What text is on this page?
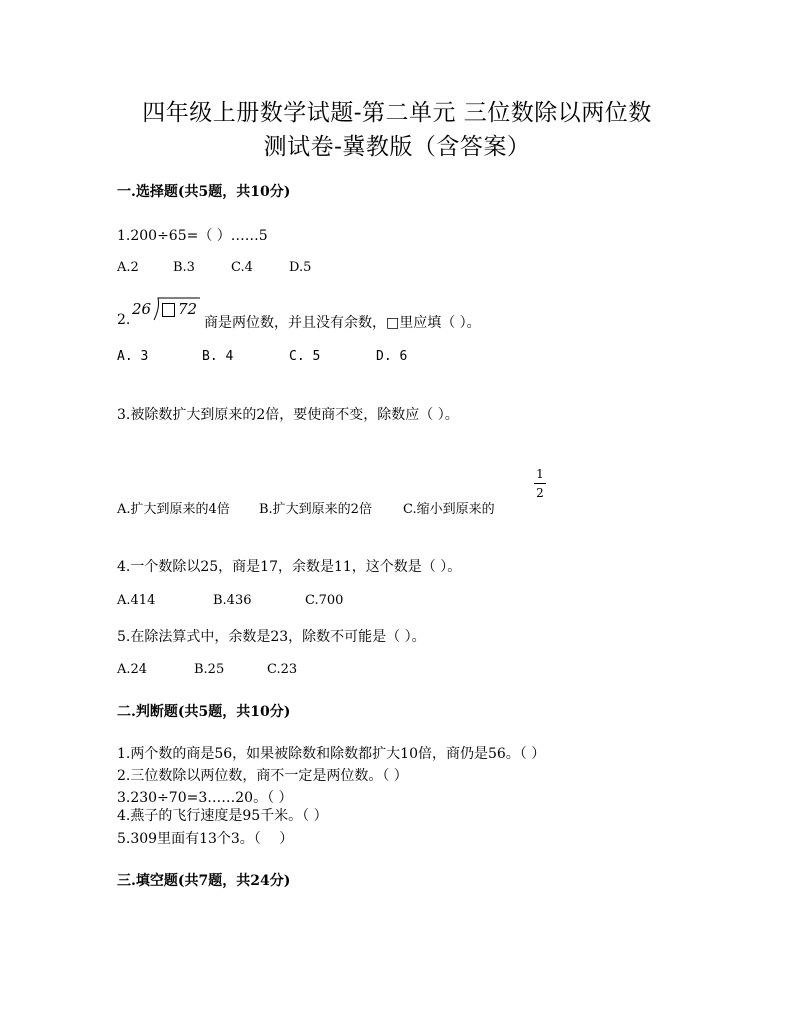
四年级上册数学试题-第二单元 三位数除以两位数
测试卷-冀教版（含答案）
一.选择题(共5题，共10分)
1.200÷65=（ ）……5
A.2	B.3	C.4	D.5
2.
26 72
商是两位数，并且没有余数，□里应填（ ）。
A. 3	B. 4	C. 5	D. 6
3.被除数扩大到原来的2倍，要使商不变，除数应（ ）。
A.扩大到原来的4倍 B.扩大到原来的2倍 C.缩小到原来的
1
2
4.一个数除以25，商是17，余数是11，这个数是（ ）。
A.414	B.436	C.700
5.在除法算式中，余数是23，除数不可能是（ ）。
A.24	B.25	C.23
二.判断题(共5题，共10分)
1.两个数的商是56，如果被除数和除数都扩大10倍，商仍是56。（ ）
2.三位数除以两位数，商不一定是两位数。（ ）
3.230÷70=3……20。（ ）
4.燕子的飞行速度是95千米。（ ）
5.309里面有13个3。（　 ）
三.填空题(共7题，共24分)
